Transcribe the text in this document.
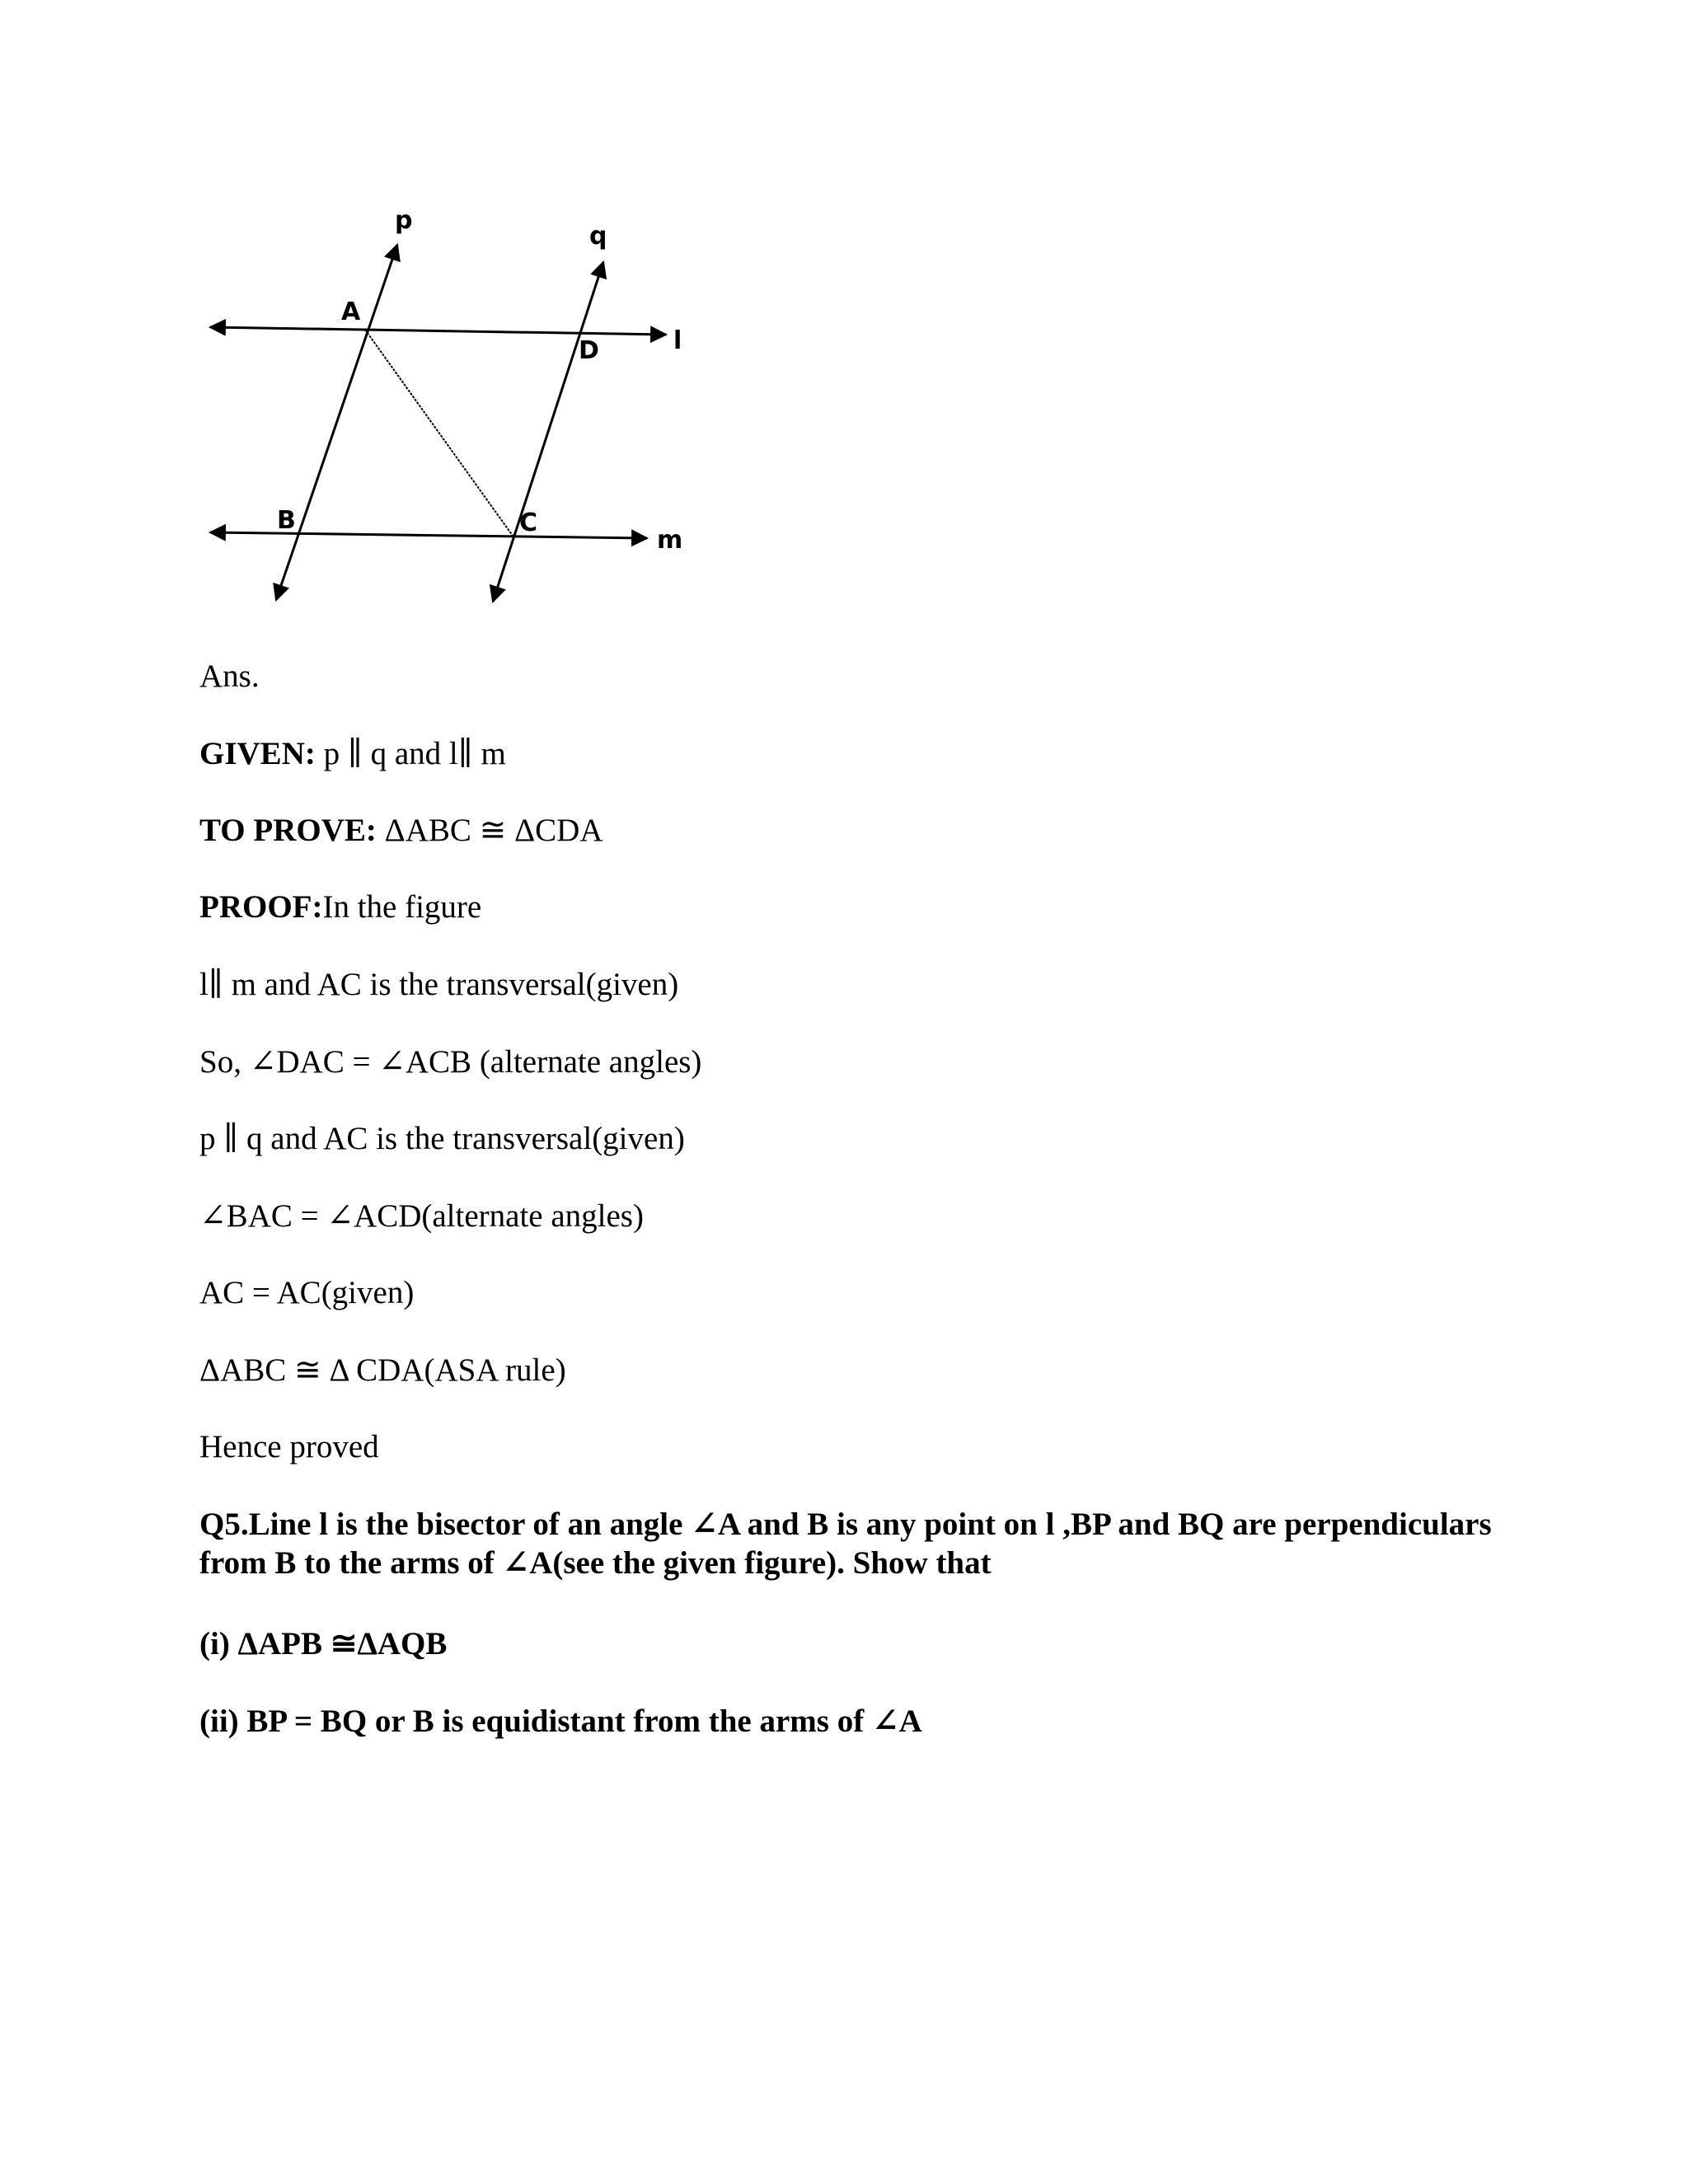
p
q
l
m
A
B	C
D
Ans.
GIVEN: p ∥ q and l∥ m
TO PROVE: ΔABC ≅ ΔCDA
PROOF:In the figure
l∥ m and AC is the transversal(given)
So, ∠DAC = ∠ACB (alternate angles)
p ∥ q and AC is the transversal(given)
∠BAC = ∠ACD(alternate angles)
AC = AC(given)
ΔABC ≅ Δ CDA(ASA rule)
Hence proved
Q5.Line l is the bisector of an angle ∠A and B is any point on l ,BP and BQ are perpendiculars from B to the arms of ∠A(see the given figure). Show that
(i) ΔAPB ≅ΔAQB
(ii) BP = BQ or B is equidistant from the arms of ∠A
